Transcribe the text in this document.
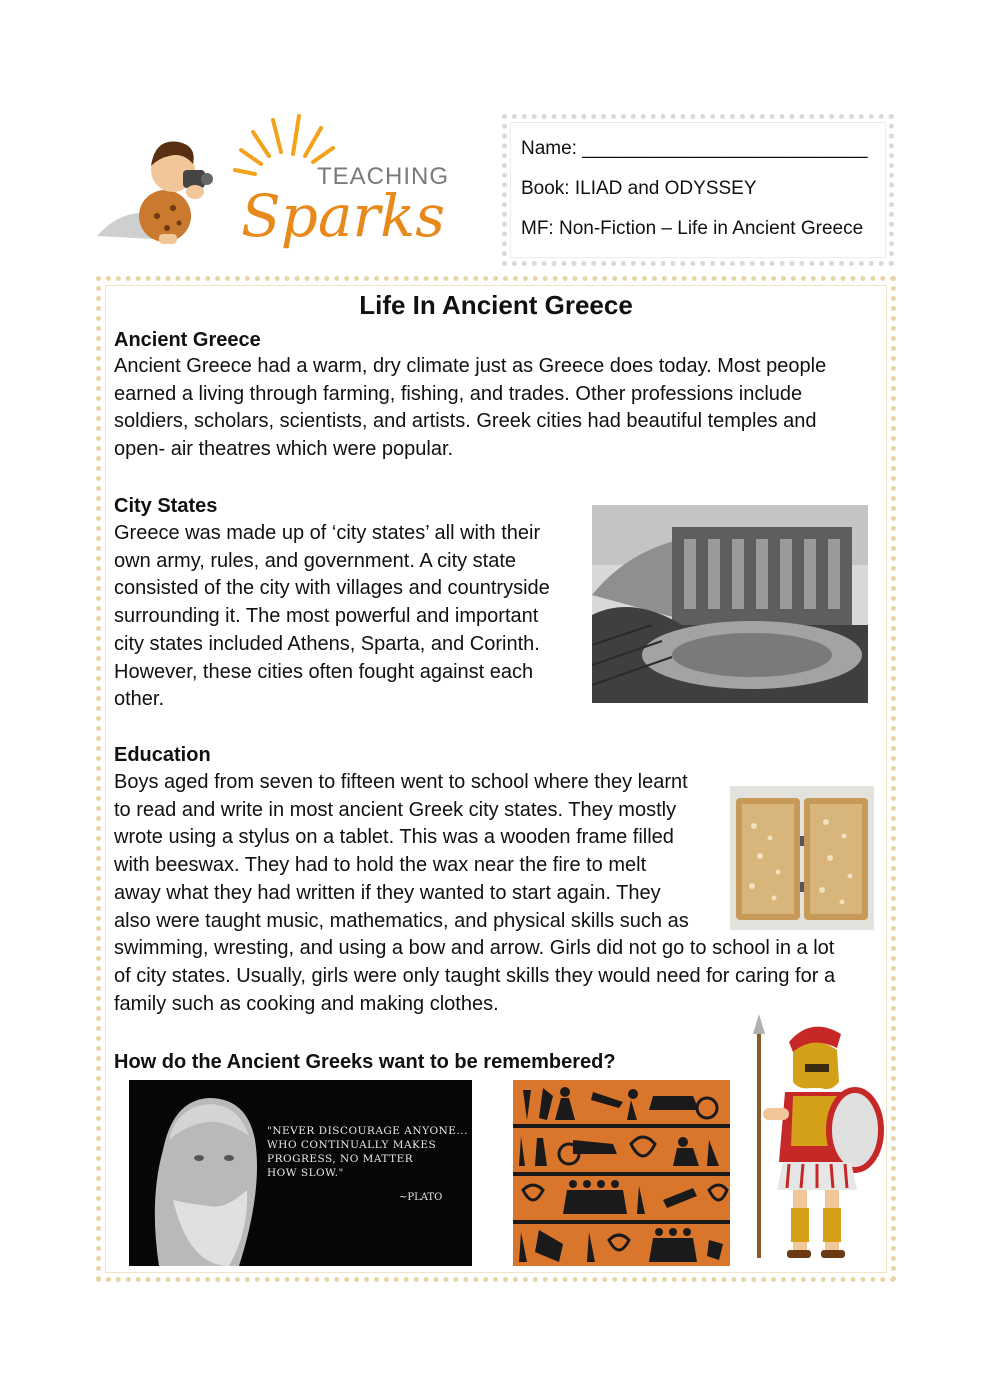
TEACHING
Sparks
Name: ___________________________
Book: ILIAD and ODYSSEY
MF: Non-Fiction – Life in Ancient Greece
Life In Ancient Greece
Ancient Greece
Ancient Greece had a warm, dry climate just as Greece does today. Most people
earned a living through farming, fishing, and trades. Other professions include
soldiers, scholars, scientists, and artists. Greek cities had beautiful temples and
open- air theatres which were popular.
City States
Greece was made up of ‘city states’ all with their
own army, rules, and government. A city state
consisted of the city with villages and countryside
surrounding it. The most powerful and important
city states included Athens, Sparta, and Corinth.
However, these cities often fought against each
other.
Education
Boys aged from seven to fifteen went to school where they learnt
to read and write in most ancient Greek city states. They mostly
wrote using a stylus on a tablet. This was a wooden frame filled
with beeswax. They had to hold the wax near the fire to melt
away what they had written if they wanted to start again. They
also were taught music, mathematics, and physical skills such as
swimming, wresting, and using a bow and arrow. Girls did not go to school in a lot
of city states. Usually, girls were only taught skills they would need for caring for a
family such as cooking and making clothes.
How do the Ancient Greeks want to be remembered?
"NEVER DISCOURAGE ANYONE...
WHO CONTINUALLY MAKES
PROGRESS, NO MATTER
HOW SLOW."
~PLATO
